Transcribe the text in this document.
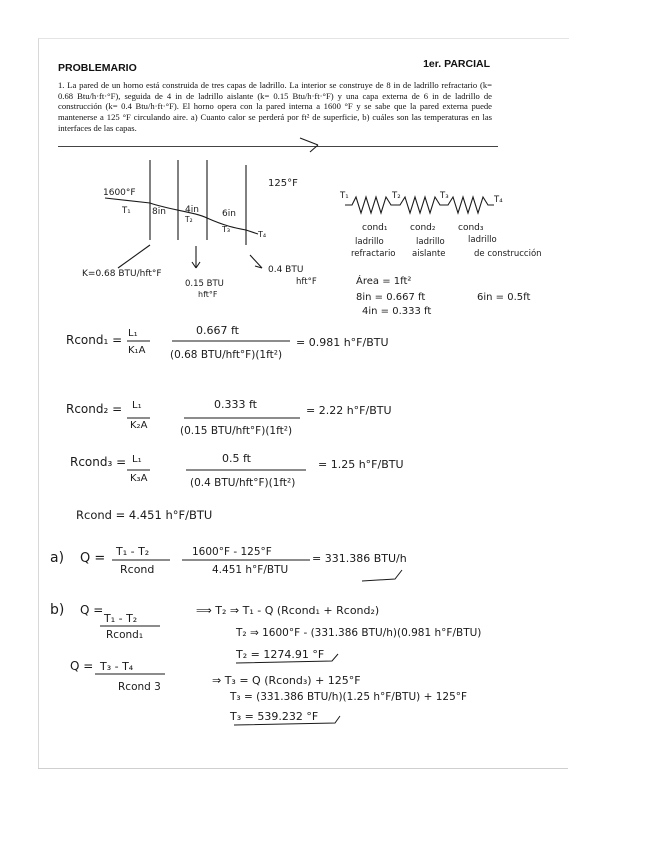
PROBLEMARIO	1er. PARCIAL
1. La pared de un horno está construida de tres capas de ladrillo. La interior se construye de 8 in de ladrillo refractario (k= 0.68 Btu/h·ft·°F), seguida de 4 in de ladrillo aislante (k= 0.15 Btu/h·ft·°F) y una capa externa de 6 in de ladrillo de construcción (k= 0.4 Btu/h·ft·°F). El horno opera con la pared interna a 1600 °F y se sabe que la pared externa puede mantenerse a 125 °F circulando aire. a) Cuanto calor se perderá por ft² de superficie, b) cuáles son las temperaturas en las interfaces de las capas.
1600°F
125°F
T₁
T₂
T₃
T₄
8in 4in	6in
K=0.68 BTU/hft°F
0.15 BTU
hft°F
0.4 BTU
hft°F
T₁	T₂	T₃	T₄
cond₁	cond₂	cond₃
ladrillo
refractario
ladrillo
aislante
ladrillo
de construcción
Área = 1ft²
8in = 0.667 ft	6in = 0.5ft
4in = 0.333 ft
Rcond₁ = L₁
K₁A
0.667 ft
(0.68 BTU/hft°F)(1ft²)
= 0.981 h°F/BTU
Rcond₂ = L₁
K₂A
0.333 ft
(0.15 BTU/hft°F)(1ft²)
= 2.22 h°F/BTU
Rcond₃ = L₁
K₃A
0.5 ft
(0.4 BTU/hft°F)(1ft²)
= 1.25 h°F/BTU
Rcond = 4.451 h°F/BTU
a) Q = T₁ - T₂
Rcond
1600°F - 125°F
4.451 h°F/BTU
= 331.386 BTU/h
b) Q =
T₁ - T₂
Rcond₁
⟹ T₂ ⇒ T₁ - Q (Rcond₁ + Rcond₂)
T₂ ⇒ 1600°F - (331.386 BTU/h)(0.981 h°F/BTU)
T₂ = 1274.91 °F
Q = T₃ - T₄
Rcond 3	⇒ T₃ = Q (Rcond₃) + 125°F
T₃ = (331.386 BTU/h)(1.25 h°F/BTU) + 125°F
T₃ = 539.232 °F
